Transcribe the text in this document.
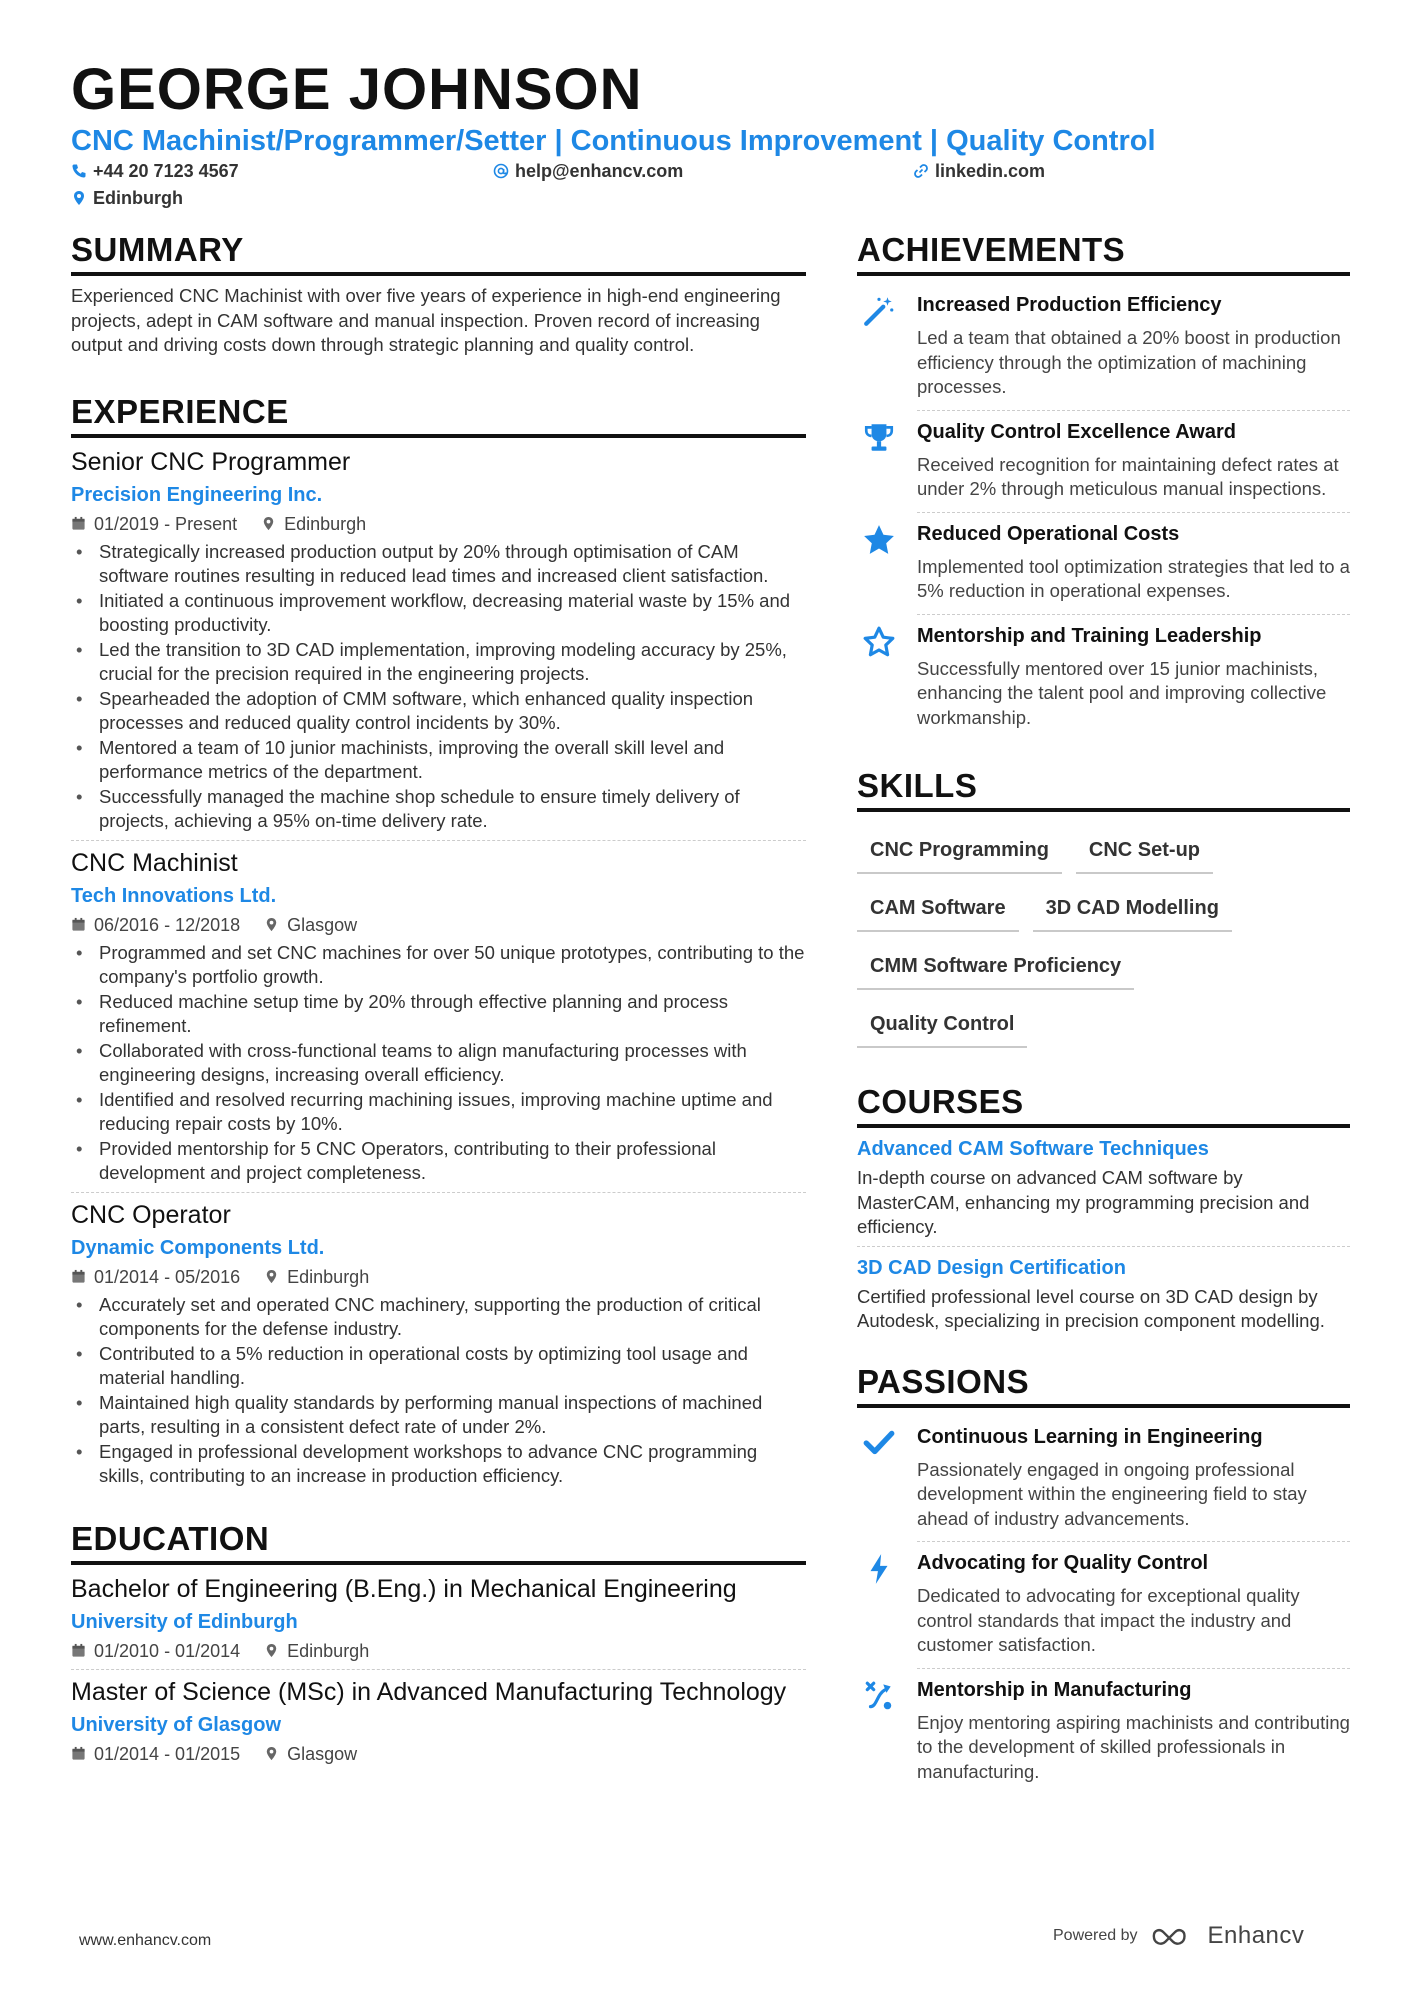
GEORGE JOHNSON
CNC Machinist/Programmer/Setter | Continuous Improvement | Quality Control
+44 20 7123 4567	help@enhancv.com	linkedin.com
Edinburgh
SUMMARY
Experienced CNC Machinist with over five years of experience in high-end engineering projects, adept in CAM software and manual inspection. Proven record of increasing output and driving costs down through strategic planning and quality control.
EXPERIENCE
Senior CNC Programmer
Precision Engineering Inc.
01/2019 - Present	Edinburgh
• Strategically increased production output by 20% through optimisation of CAM software routines resulting in reduced lead times and increased client satisfaction.
• Initiated a continuous improvement workflow, decreasing material waste by 15% and boosting productivity.
• Led the transition to 3D CAD implementation, improving modeling accuracy by 25%, crucial for the precision required in the engineering projects.
• Spearheaded the adoption of CMM software, which enhanced quality inspection processes and reduced quality control incidents by 30%.
• Mentored a team of 10 junior machinists, improving the overall skill level and performance metrics of the department.
• Successfully managed the machine shop schedule to ensure timely delivery of projects, achieving a 95% on-time delivery rate.
CNC Machinist
Tech Innovations Ltd.
06/2016 - 12/2018	Glasgow
• Programmed and set CNC machines for over 50 unique prototypes, contributing to the company's portfolio growth.
• Reduced machine setup time by 20% through effective planning and process refinement.
• Collaborated with cross-functional teams to align manufacturing processes with engineering designs, increasing overall efficiency.
• Identified and resolved recurring machining issues, improving machine uptime and reducing repair costs by 10%.
• Provided mentorship for 5 CNC Operators, contributing to their professional development and project completeness.
CNC Operator
Dynamic Components Ltd.
01/2014 - 05/2016	Edinburgh
• Accurately set and operated CNC machinery, supporting the production of critical components for the defense industry.
• Contributed to a 5% reduction in operational costs by optimizing tool usage and material handling.
• Maintained high quality standards by performing manual inspections of machined parts, resulting in a consistent defect rate of under 2%.
• Engaged in professional development workshops to advance CNC programming skills, contributing to an increase in production efficiency.
EDUCATION
Bachelor of Engineering (B.Eng.) in Mechanical Engineering
University of Edinburgh
01/2010 - 01/2014	Edinburgh
Master of Science (MSc) in Advanced Manufacturing Technology
University of Glasgow
01/2014 - 01/2015	Glasgow
ACHIEVEMENTS
Increased Production Efficiency
Led a team that obtained a 20% boost in production efficiency through the optimization of machining processes.
Quality Control Excellence Award
Received recognition for maintaining defect rates at under 2% through meticulous manual inspections.
Reduced Operational Costs
Implemented tool optimization strategies that led to a 5% reduction in operational expenses.
Mentorship and Training Leadership
Successfully mentored over 15 junior machinists, enhancing the talent pool and improving collective workmanship.
SKILLS
CNC Programming	CNC Set-up
CAM Software	3D CAD Modelling
CMM Software Proficiency
Quality Control
COURSES
Advanced CAM Software Techniques
In-depth course on advanced CAM software by MasterCAM, enhancing my programming precision and efficiency.
3D CAD Design Certification
Certified professional level course on 3D CAD design by Autodesk, specializing in precision component modelling.
PASSIONS
Continuous Learning in Engineering
Passionately engaged in ongoing professional development within the engineering field to stay ahead of industry advancements.
Advocating for Quality Control
Dedicated to advocating for exceptional quality control standards that impact the industry and customer satisfaction.
Mentorship in Manufacturing
Enjoy mentoring aspiring machinists and contributing to the development of skilled professionals in manufacturing.
www.enhancv.com	Powered by	Enhancv
